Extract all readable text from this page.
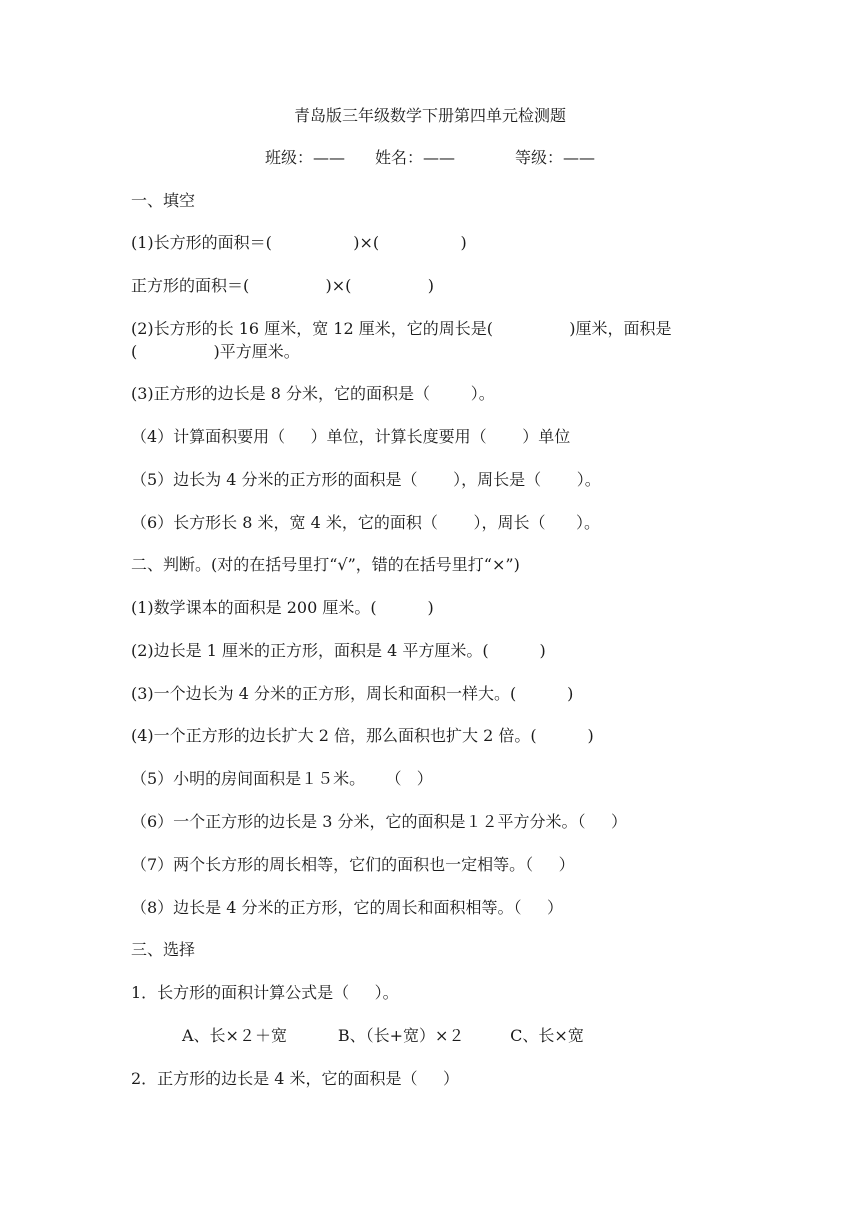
青岛版三年级数学下册第四单元检测题
班级：—— 姓名：——	等级：——
一、填空
(1)长方形的面积＝(                )×(                )
正方形的面积＝(               )×(               )
(2)长方形的长 16 厘米，宽 12 厘米，它的周长是(               )厘米，面积是
(               )平方厘米。
(3)正方形的边长是 8 分米，它的面积是（        ）。
（4）计算面积要用（     ）单位，计算长度要用（       ）单位
（5）边长为 4 分米的正方形的面积是（       ），周长是（       ）。
（6）长方形长 8 米，宽 4 米，它的面积（       ），周长（      ）。
二、判断。(对的在括号里打“√”，错的在括号里打“×”)
(1)数学课本的面积是 200 厘米。(          )
(2)边长是 1 厘米的正方形，面积是 4 平方厘米。(          )
(3)一个边长为 4 分米的正方形，周长和面积一样大。(          )
(4)一个正方形的边长扩大 2 倍，那么面积也扩大 2 倍。(          )
（5）小明的房间面积是１５米。    （   ）
（6）一个正方形的边长是 3 分米，它的面积是１２平方分米。（     ）
（7）两个长方形的周长相等，它们的面积也一定相等。（     ）
（8）边长是 4 分米的正方形，它的周长和面积相等。（     ）
三、选择
1．长方形的面积计算公式是（     ）。
A、长×２＋宽          B、（长+宽）×２         C、长×宽
2．正方形的边长是 4 米，它的面积是（     ）
